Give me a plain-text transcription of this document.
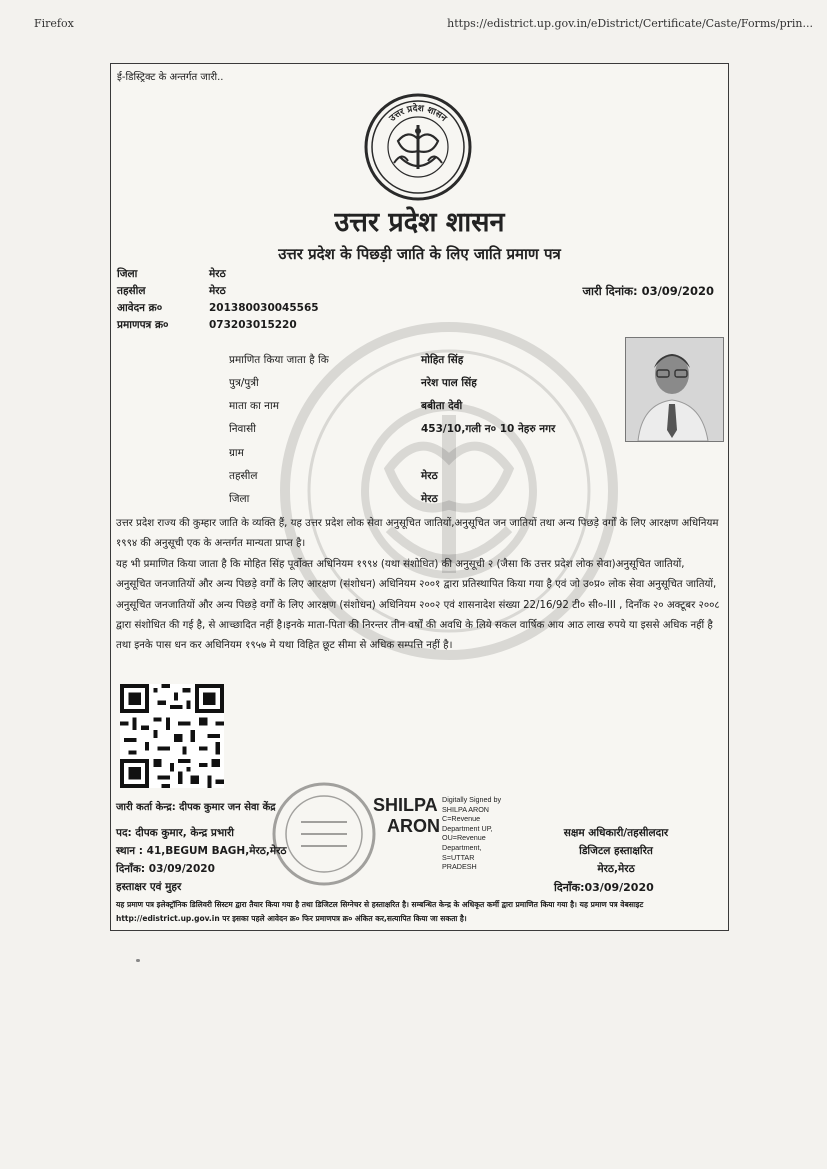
Firefox	https://edistrict.up.gov.in/eDistrict/Certificate/Caste/Forms/prin...
ई-डिस्ट्रिक्ट के अन्तर्गत जारी..
उत्तर प्रदेश शासन
उत्तर प्रदेश शासन
उत्तर प्रदेश के पिछड़ी जाति के लिए जाति प्रमाण पत्र
जिला	मेरठ
तहसील	मेरठ
आवेदन क्र०	201380030045565
प्रमाणपत्र क्र०	073203015220
जारी दिनांक: 03/09/2020
प्रमाणित किया जाता है कि	मोहित सिंह
पुत्र/पुत्री	नरेश पाल सिंह
माता का नाम	बबीता देवी
निवासी	453/10,गली न० 10 नेहरु नगर
ग्राम
तहसील	मेरठ
जिला	मेरठ

उत्तर प्रदेश राज्य की कुम्हार जाति के व्यक्ति हैं, यह उत्तर प्रदेश लोक सेवा अनुसूचित जातियों,अनुसूचित जन जातियों तथा अन्य पिछड़े वर्गों के लिए आरक्षण अधिनियम १९९४ की अनुसूची एक के अन्तर्गत मान्यता प्राप्त है।

यह भी प्रमाणित किया जाता है कि मोहित सिंह पूर्वोक्त अधिनियम १९९४ (यथा संशोधित) की अनुसूची २ (जैसा कि उत्तर प्रदेश लोक सेवा)अनुसूचित जातियों, अनुसूचित जनजातियों और अन्य पिछड़े वर्गों के लिए आरक्षण (संशोधन) अधिनियम २००१ द्वारा प्रतिस्थापित किया गया है एवं जो उ०प्र० लोक सेवा अनुसूचित जातियों, अनुसूचित जनजातियों और अन्य पिछड़े वर्गों के लिए आरक्षण (संशोधन) अधिनियम २००२ एवं शासनादेश संख्या 22/16/92 टी० सी०-III , दिनाँक २० अक्टूबर २००८ द्वारा संशोधित की गई है, से आच्छादित नहीं है।इनके माता-पिता की निरन्तर तीन वर्षों की अवधि के लिये सकल वार्षिक आय आठ लाख रुपये या इससे अधिक नहीं है तथा इनके पास धन कर अधिनियम १९५७ मे यथा विहित छूट सीमा से अधिक सम्पत्ति नहीं है।

जारी कर्ता केन्द्र: दीपक कुमार जन सेवा केंद्र
पद: दीपक कुमार, केन्द्र प्रभारी
स्थान : 41,BEGUM BAGH,मेरठ,मेरठ
दिनाँक: 03/09/2020
हस्ताक्षर एवं मुहर
SHILPA
ARON
Digitally Signed by
SHILPA ARON
C=Revenue
Department UP,
OU=Revenue
Department,
S=UTTAR
PRADESH
सक्षम अधिकारी/तहसीलदार
डिजिटल हस्ताक्षरित
मेरठ,मेरठ
दिनाँक:03/09/2020
यह प्रमाण पत्र इलेक्ट्रॉनिक डिलिवरी सिस्टम द्वारा तैयार किया गया है तथा डिजिटल सिग्नेचर से हस्ताक्षरित है। सम्बन्धित केन्द्र के अधिकृत कर्मी द्वारा प्रमाणित किया गया है। यह प्रमाण पत्र वेबसाइट http://edistrict.up.gov.in पर इसका पहले आवेदन क्र० फिर प्रमाणपत्र क्र० अंकित कर,सत्यापित किया जा सकता है।
